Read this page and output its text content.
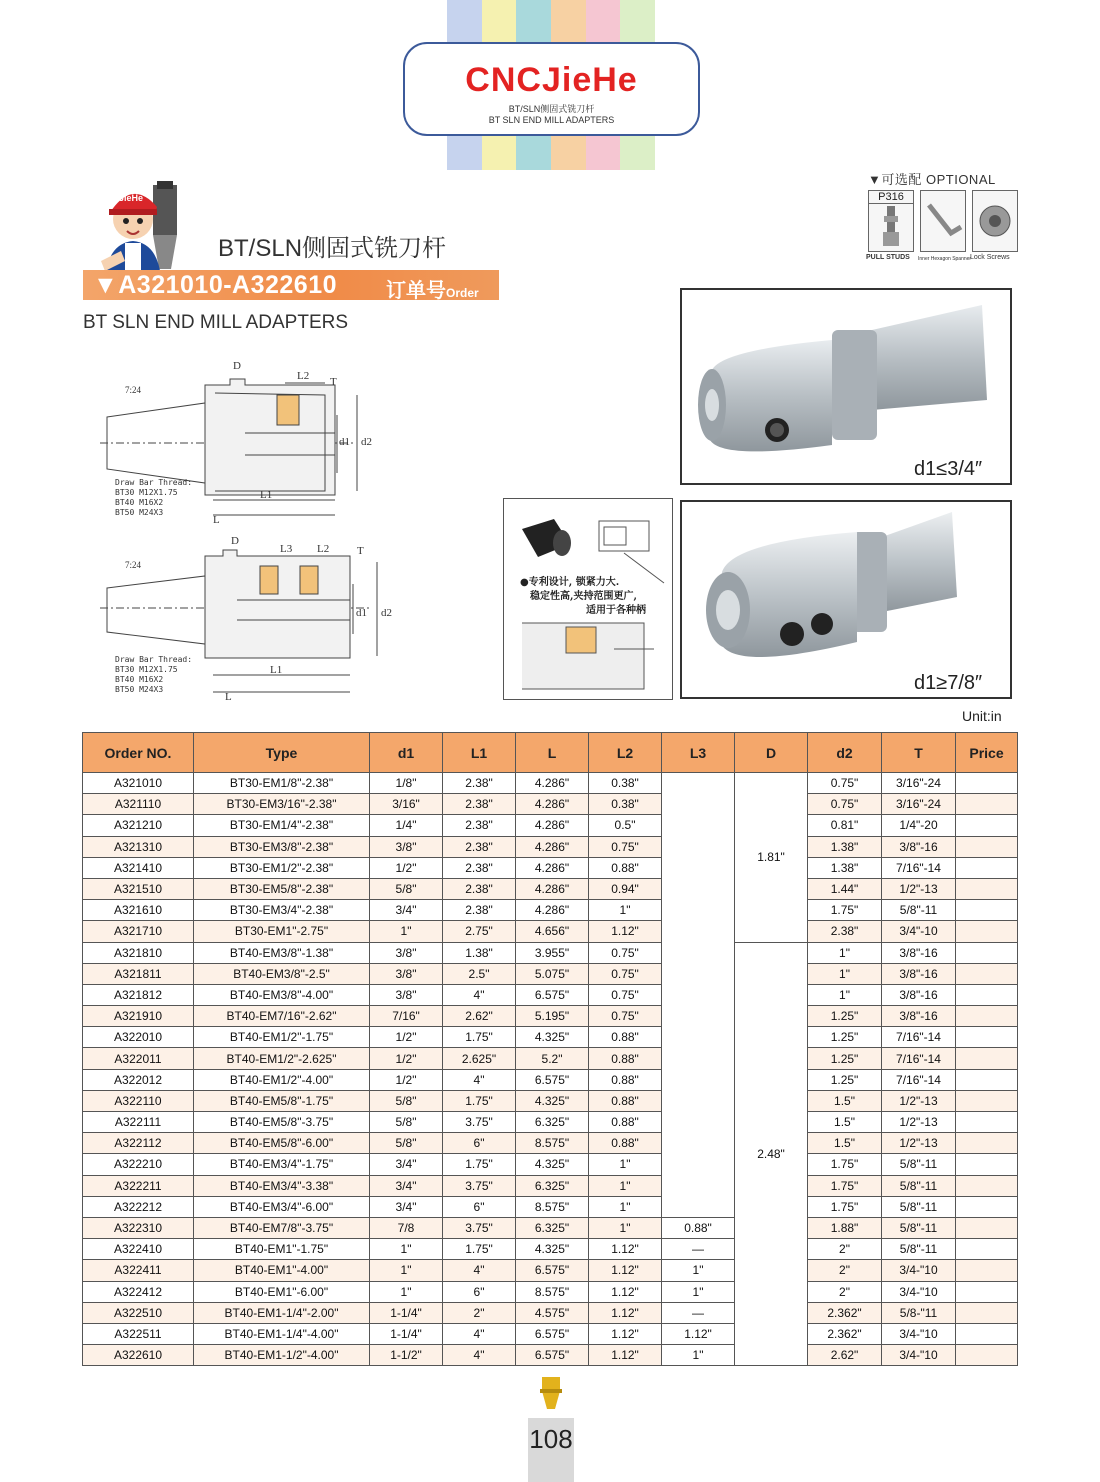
CNCJieHe
BT/SLN侧固式铣刀杆
BT SLN END MILL ADAPTERS
JieHe
BT/SLN侧固式铣刀杆
▼A321010-A322610 订单号Order NO.
BT SLN END MILL ADAPTERS
▼可选配 OPTIONAL
P316
PULL STUDS Inner Hexagon Spanner
Lock Screws
7:24
D
L2 T
d1 d2
L1
L
Draw Bar Thread:
BT30 M12X1.75
BT40 M16X2
BT50 M24X3
7:24
D
L3 L2	T
d1 d2
L1
L
Draw Bar Thread:
BT30 M12X1.75
BT40 M16X2
BT50 M24X3
●专利设计, 锁紧力大.
稳定性高,夹持范围更广,
适用于各种柄
d1≤3/4″
d1≥7/8″
Unit:in
Order NO.	Type	d1	L1	L	L2	L3	D	d2	T	Price
A321010	BT30-EM1/8"-2.38"	1/8"	2.38"	4.286"	0.38"		1.81"	0.75"	3/16"-24	
A321110	BT30-EM3/16"-2.38"	3/16"	2.38"	4.286"	0.38"			0.75"	3/16"-24	
A321210	BT30-EM1/4"-2.38"	1/4"	2.38"	4.286"	0.5"			0.81"	1/4"-20	
A321310	BT30-EM3/8"-2.38"	3/8"	2.38"	4.286"	0.75"			1.38"	3/8"-16	
A321410	BT30-EM1/2"-2.38"	1/2"	2.38"	4.286"	0.88"			1.38"	7/16"-14	
A321510	BT30-EM5/8"-2.38"	5/8"	2.38"	4.286"	0.94"			1.44"	1/2"-13	
A321610	BT30-EM3/4"-2.38"	3/4"	2.38"	4.286"	1"			1.75"	5/8"-11	
A321710	BT30-EM1"-2.75"	1"	2.75"	4.656"	1.12"			2.38"	3/4"-10	
A321810	BT40-EM3/8"-1.38"	3/8"	1.38"	3.955"	0.75"		2.48"	1"	3/8"-16	
A321811	BT40-EM3/8"-2.5"	3/8"	2.5"	5.075"	0.75"			1"	3/8"-16	
A321812	BT40-EM3/8"-4.00"	3/8"	4"	6.575"	0.75"			1"	3/8"-16	
A321910	BT40-EM7/16"-2.62"	7/16"	2.62"	5.195"	0.75"			1.25"	3/8"-16	
A322010	BT40-EM1/2"-1.75"	1/2"	1.75"	4.325"	0.88"			1.25"	7/16"-14	
A322011	BT40-EM1/2"-2.625"	1/2"	2.625"	5.2"	0.88"			1.25"	7/16"-14	
A322012	BT40-EM1/2"-4.00"	1/2"	4"	6.575"	0.88"			1.25"	7/16"-14	
A322110	BT40-EM5/8"-1.75"	5/8"	1.75"	4.325"	0.88"			1.5"	1/2"-13	
A322111	BT40-EM5/8"-3.75"	5/8"	3.75"	6.325"	0.88"			1.5"	1/2"-13	
A322112	BT40-EM5/8"-6.00"	5/8"	6"	8.575"	0.88"			1.5"	1/2"-13	
A322210	BT40-EM3/4"-1.75"	3/4"	1.75"	4.325"	1"			1.75"	5/8"-11	
A322211	BT40-EM3/4"-3.38"	3/4"	3.75"	6.325"	1"			1.75"	5/8"-11	
A322212	BT40-EM3/4"-6.00"	3/4"	6"	8.575"	1"			1.75"	5/8"-11	
A322310	BT40-EM7/8"-3.75"	7/8	3.75"	6.325"	1"	0.88"		1.88"	5/8"-11	
A322410	BT40-EM1"-1.75"	1"	1.75"	4.325"	1.12"	—		2"	5/8"-11	
A322411	BT40-EM1"-4.00"	1"	4"	6.575"	1.12"	1"		2"	3/4-"10	
A322412	BT40-EM1"-6.00"	1"	6"	8.575"	1.12"	1"		2"	3/4-"10	
A322510	BT40-EM1-1/4"-2.00"	1-1/4"	2"	4.575"	1.12"	—		2.362"	5/8-"11	
A322511	BT40-EM1-1/4"-4.00"	1-1/4"	4"	6.575"	1.12"	1.12"		2.362"	3/4-"10	
A322610	BT40-EM1-1/2"-4.00"	1-1/2"	4"	6.575"	1.12"	1"		2.62"	3/4-"10	
108
